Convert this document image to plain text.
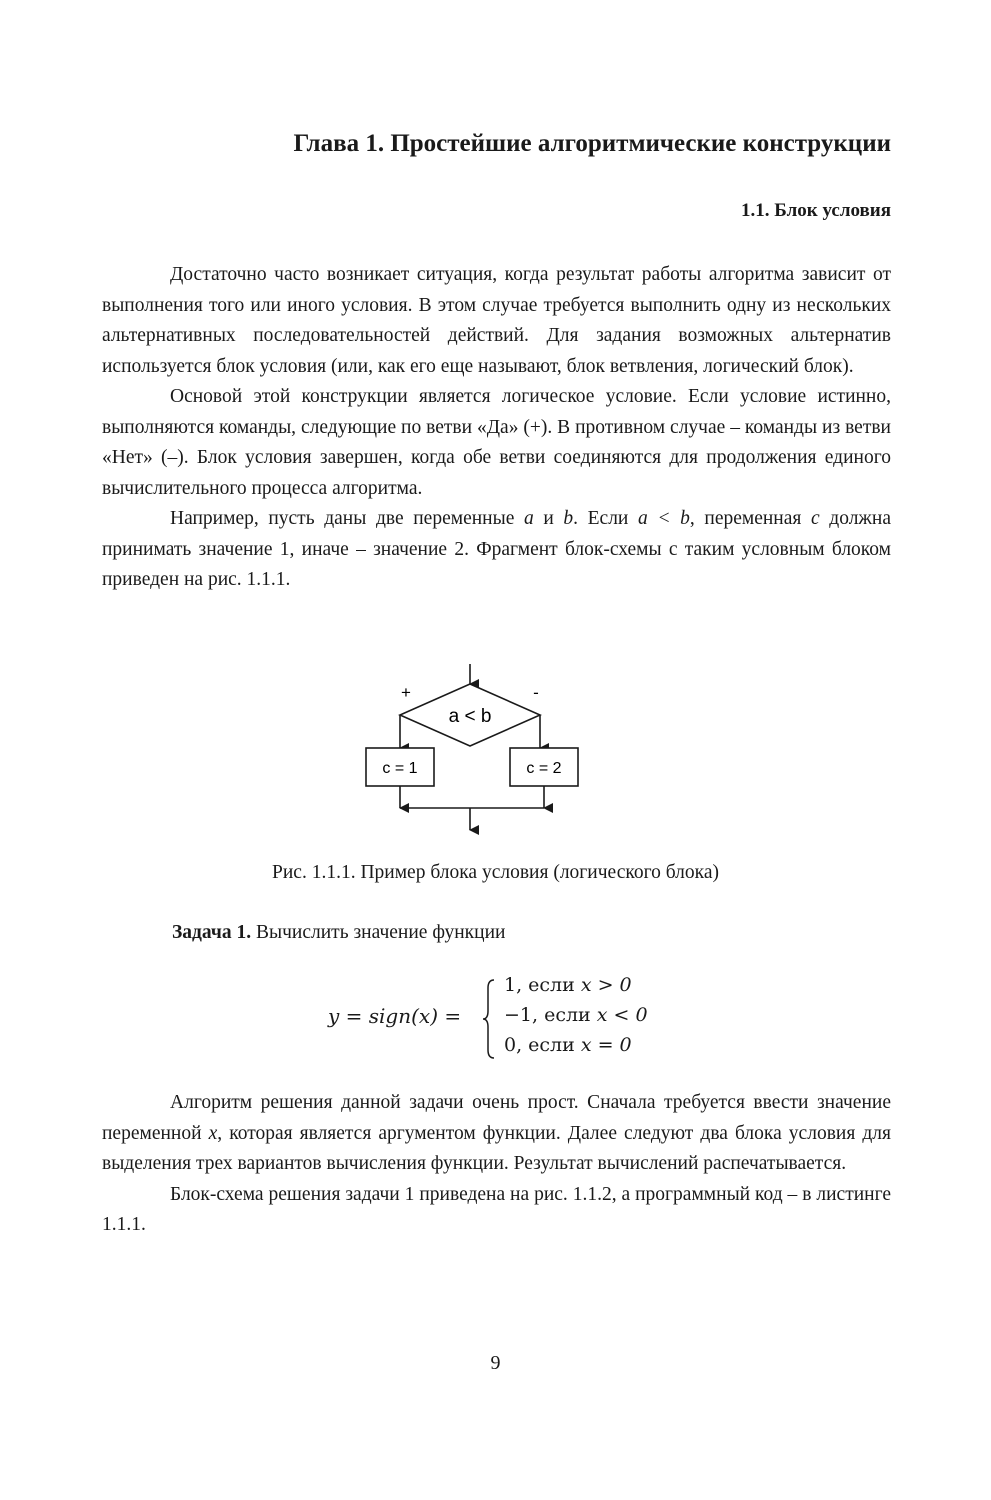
Глава 1. Простейшие алгоритмические конструкции
1.1. Блок условия

Достаточно часто возникает ситуация, когда результат работы алгоритма зависит от выполнения того или иного условия. В этом случае требуется выполнить одну из нескольких альтернативных последовательностей действий. Для задания возможных альтернатив используется блок условия (или, как его еще называют, блок ветвления, логический блок).

Основой этой конструкции является логическое условие. Если условие истинно, выполняются команды, следующие по ветви «Да» (+). В противном случае – команды из ветви «Нет» (–). Блок условия завершен, когда обе ветви соединяются для продолжения единого вычислительного процесса алгоритма.

Например, пусть даны две переменные a и b. Если a < b, переменная c должна принимать значение 1, иначе – значение 2. Фрагмент блок-схемы с таким условным блоком приведен на рис. 1.1.1.

a < b
+	-
c = 1	c = 2

Рис. 1.1.1. Пример блока условия (логического блока)

Задача 1. Вычислить значение функции

y = sign(x) =
1, если x > 0
−1, если x < 0
0, если x = 0

Алгоритм решения данной задачи очень прост. Сначала требуется ввести значение переменной x, которая является аргументом функции. Далее следуют два блока условия для выделения трех вариантов вычисления функции. Результат вычислений распечатывается.

Блок-схема решения задачи 1 приведена на рис. 1.1.2, а программный код – в листинге 1.1.1.

9
